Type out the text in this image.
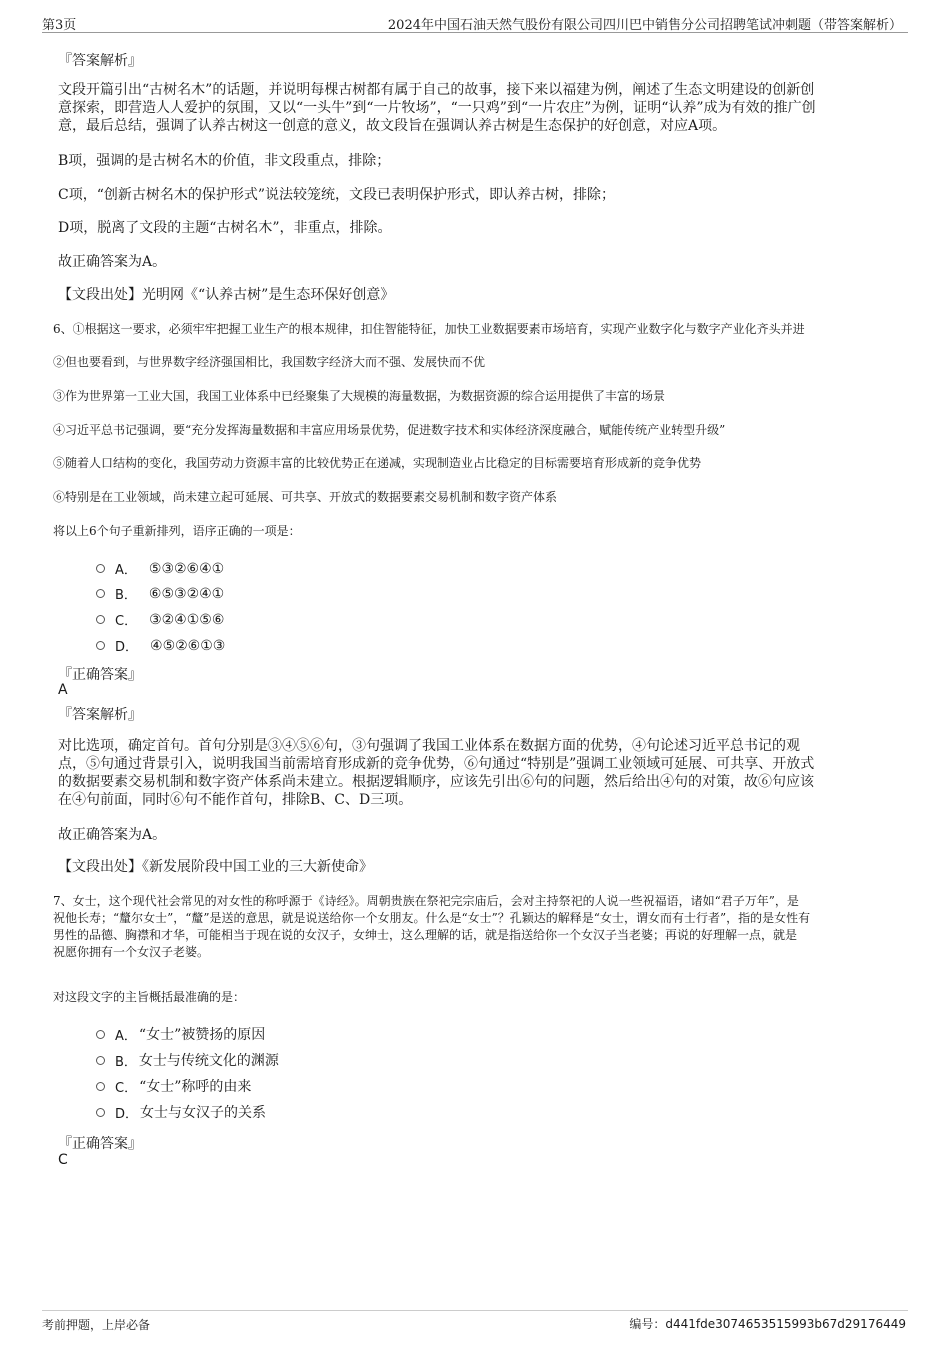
第3页	2024年中国石油天然气股份有限公司四川巴中销售分公司招聘笔试冲刺题（带答案解析）
『答案解析』
文段开篇引出“古树名木”的话题，并说明每棵古树都有属于自己的故事，接下来以福建为例，阐述了生态文明建设的创新创
意探索，即营造人人爱护的氛围，又以“一头牛”到“一片牧场”，“一只鸡”到“一片农庄”为例，证明“认养”成为有效的推广创
意，最后总结，强调了认养古树这一创意的意义，故文段旨在强调认养古树是生态保护的好创意，对应A项。
B项，强调的是古树名木的价值，非文段重点，排除；
C项，“创新古树名木的保护形式”说法较笼统，文段已表明保护形式，即认养古树，排除；
D项，脱离了文段的主题“古树名木”，非重点，排除。
故正确答案为A。
【文段出处】光明网《“认养古树”是生态环保好创意》
6、①根据这一要求，必须牢牢把握工业生产的根本规律，扣住智能特征，加快工业数据要素市场培育，实现产业数字化与数字产业化齐头并进
②但也要看到，与世界数字经济强国相比，我国数字经济大而不强、发展快而不优
③作为世界第一工业大国，我国工业体系中已经聚集了大规模的海量数据，为数据资源的综合运用提供了丰富的场景
④习近平总书记强调，要“充分发挥海量数据和丰富应用场景优势，促进数字技术和实体经济深度融合，赋能传统产业转型升级”
⑤随着人口结构的变化，我国劳动力资源丰富的比较优势正在递减，实现制造业占比稳定的目标需要培育形成新的竞争优势
⑥特别是在工业领域，尚未建立起可延展、可共享、开放式的数据要素交易机制和数字资产体系
将以上6个句子重新排列，语序正确的一项是：
A． ⑤③②⑥④①
B． ⑥⑤③②④①
C． ③②④①⑤⑥
D． ④⑤②⑥①③
『正确答案』
A
『答案解析』
对比选项，确定首句。首句分别是③④⑤⑥句，③句强调了我国工业体系在数据方面的优势，④句论述习近平总书记的观
点，⑤句通过背景引入，说明我国当前需培育形成新的竞争优势，⑥句通过“特别是”强调工业领域可延展、可共享、开放式
的数据要素交易机制和数字资产体系尚未建立。根据逻辑顺序，应该先引出⑥句的问题，然后给出④句的对策，故⑥句应该
在④句前面，同时⑥句不能作首句，排除B、C、D三项。
故正确答案为A。
【文段出处】《新发展阶段中国工业的三大新使命》
7、女士，这个现代社会常见的对女性的称呼源于《诗经》。周朝贵族在祭祀完宗庙后，会对主持祭祀的人说一些祝福语，诸如“君子万年”，是
祝他长寿；“釐尔女士”，“釐”是送的意思，就是说送给你一个女朋友。什么是“女士”？孔颖达的解释是“女士，谓女而有士行者”，指的是女性有
男性的品德、胸襟和才华，可能相当于现在说的女汉子，女绅士，这么理解的话，就是指送给你一个女汉子当老婆；再说的好理解一点，就是
祝愿你拥有一个女汉子老婆。
对这段文字的主旨概括最准确的是：
A． “女士”被赞扬的原因
B． 女士与传统文化的渊源
C． “女士”称呼的由来
D． 女士与女汉子的关系
『正确答案』
C
考前押题，上岸必备	编号：d441fde3074653515993b67d29176449
